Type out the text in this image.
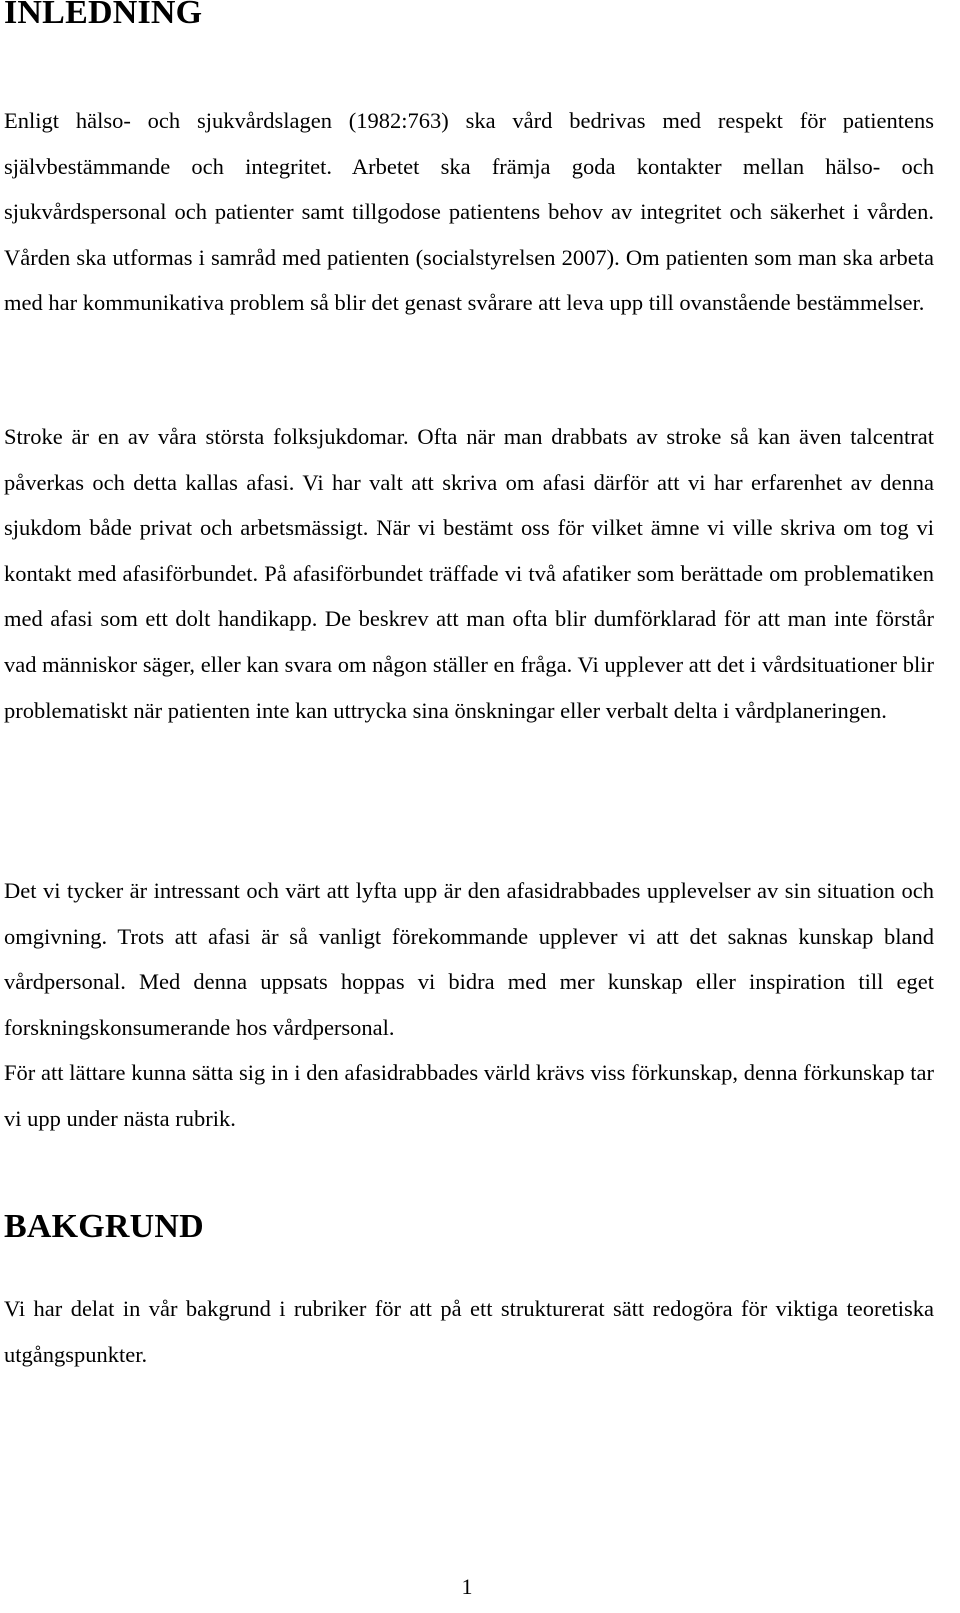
INLEDNING

Enligt hälso- och sjukvårdslagen (1982:763) ska vård bedrivas med respekt för patientens självbestämmande och integritet. Arbetet ska främja goda kontakter mellan hälso- och sjukvårdspersonal och patienter samt tillgodose patientens behov av integritet och säkerhet i vården. Vården ska utformas i samråd med patienten (socialstyrelsen 2007). Om patienten som man ska arbeta med har kommunikativa problem så blir det genast svårare att leva upp till ovanstående bestämmelser.

Stroke är en av våra största folksjukdomar. Ofta när man drabbats av stroke så kan även talcentrat påverkas och detta kallas afasi. Vi har valt att skriva om afasi därför att vi har erfarenhet av denna sjukdom både privat och arbetsmässigt. När vi bestämt oss för vilket ämne vi ville skriva om tog vi kontakt med afasiförbundet. På afasiförbundet träffade vi två afatiker som berättade om problematiken med afasi som ett dolt handikapp. De beskrev att man ofta blir dumförklarad för att man inte förstår vad människor säger, eller kan svara om någon ställer en fråga. Vi upplever att det i vårdsituationer blir problematiskt när patienten inte kan uttrycka sina önskningar eller verbalt delta i vårdplaneringen.

Det vi tycker är intressant och värt att lyfta upp är den afasidrabbades upplevelser av sin situation och omgivning. Trots att afasi är så vanligt förekommande upplever vi att det saknas kunskap bland vårdpersonal. Med denna uppsats hoppas vi bidra med mer kunskap eller inspiration till eget forskningskonsumerande hos vårdpersonal.

För att lättare kunna sätta sig in i den afasidrabbades värld krävs viss förkunskap, denna förkunskap tar vi upp under nästa rubrik.

BAKGRUND

Vi har delat in vår bakgrund i rubriker för att på ett strukturerat sätt redogöra för viktiga teoretiska utgångspunkter.

1
